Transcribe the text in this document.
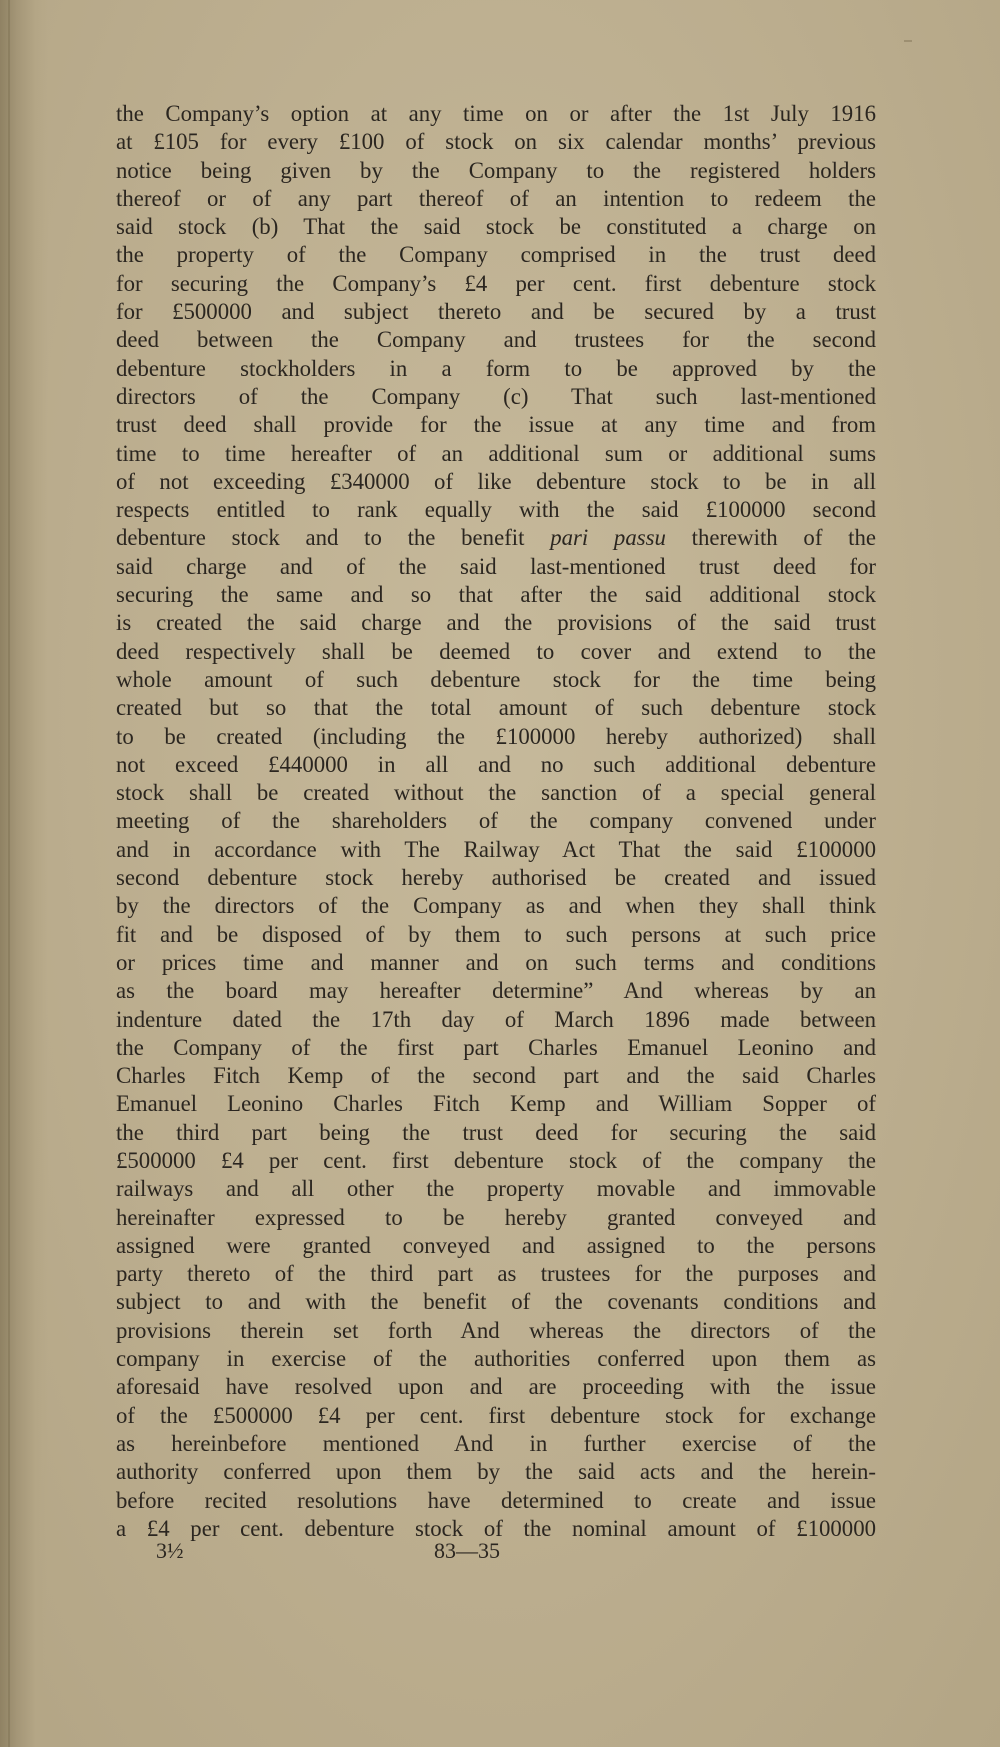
the Company’s option at any time on or after the 1st July 1916
at £105 for every £100 of stock on six calendar months’ previous
notice being given by the Company to the registered holders
thereof or of any part thereof of an intention to redeem the
said stock (b) That the said stock be constituted a charge on
the property of the Company comprised in the trust deed
for securing the Company’s £4 per cent. first debenture stock
for £500000 and subject thereto and be secured by a trust
deed between the Company and trustees for the second
debenture stockholders in a form to be approved by the
directors of the Company (c) That such last-mentioned
trust deed shall provide for the issue at any time and from
time to time hereafter of an additional sum or additional sums
of not exceeding £340000 of like debenture stock to be in all
respects entitled to rank equally with the said £100000 second
debenture stock and to the benefit pari passu therewith of the
said charge and of the said last-mentioned trust deed for
securing the same and so that after the said additional stock
is created the said charge and the provisions of the said trust
deed respectively shall be deemed to cover and extend to the
whole amount of such debenture stock for the time being
created but so that the total amount of such debenture stock
to be created (including the £100000 hereby authorized) shall
not exceed £440000 in all and no such additional debenture
stock shall be created without the sanction of a special general
meeting of the shareholders of the company convened under
and in accordance with The Railway Act That the said £100000
second debenture stock hereby authorised be created and issued
by the directors of the Company as and when they shall think
fit and be disposed of by them to such persons at such price
or prices time and manner and on such terms and conditions
as the board may hereafter determine” And whereas by an
indenture dated the 17th day of March 1896 made between
the Company of the first part Charles Emanuel Leonino and
Charles Fitch Kemp of the second part and the said Charles
Emanuel Leonino Charles Fitch Kemp and William Sopper of
the third part being the trust deed for securing the said
£500000 £4 per cent. first debenture stock of the company the
railways and all other the property movable and immovable
hereinafter expressed to be hereby granted conveyed and
assigned were granted conveyed and assigned to the persons
party thereto of the third part as trustees for the purposes and
subject to and with the benefit of the covenants conditions and
provisions therein set forth And whereas the directors of the
company in exercise of the authorities conferred upon them as
aforesaid have resolved upon and are proceeding with the issue
of the £500000 £4 per cent. first debenture stock for exchange
as hereinbefore mentioned And in further exercise of the
authority conferred upon them by the said acts and the herein-
before recited resolutions have determined to create and issue
a £4 per cent. debenture stock of the nominal amount of £100000
3½	83—35
